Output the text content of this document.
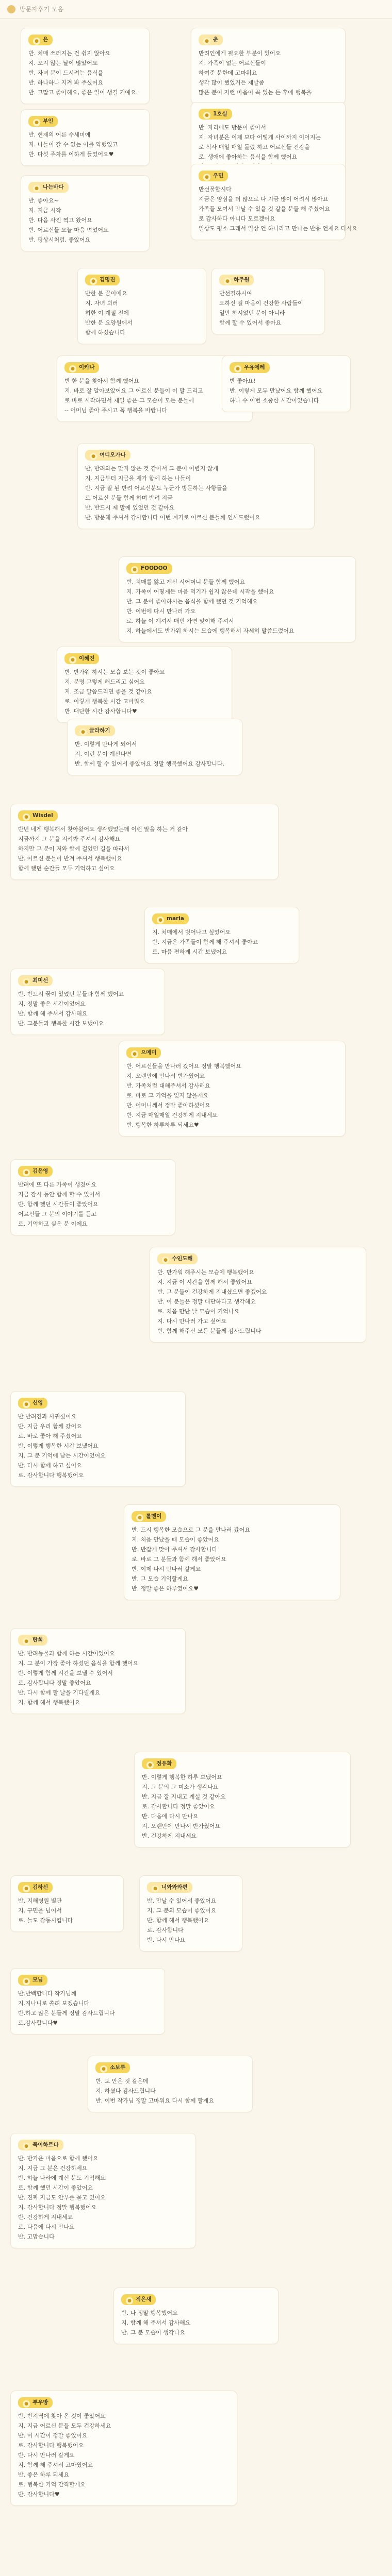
방문자후기 모음
● 은
반. 치매 쓰러지는 건 쉽지 않아요
지. 오지 않는 날이 많았어요
반. 자녀 분이 드시려는 음식을
반. 하나하나 지켜 봐 주셨어요
반. 고맙고 좋아해요, 좋은 일이 생길 거예요.
● 춘
반려인에게 필요한 부분이 있어요
지. 가족이 없는 어르신들이
하여준 분한데 고마워요
생각 많이 했었거든 제발좀
많은 분이 저런 마음이 꼭 있는 든 후에 행복을
● 부인
반. 현재의 어른 수세미에
지. 나들이 갈 수 없는 이를 약했었고
반. 다섯 주차를 이하게 들었어요♥
● 1호실
반. 자리에도 방문이 좋아서
지. 자녀분은 이제 보다 어떻게 사이까지 이어지는
로 식사 매일 매일 돌렸 하고 어르신들 건강을
로. 생애에 좋아하는 음식을 함께 했어요
● 나는바다
반. 좋아요~
지. 지금 시작
반. 다음 사진 찍고 왔어요
반. 어르신들 오늘 마음 먹었어요
반. 평상시처럼, 좋았어요
● 우민
반선물합시다
지금은 양심을 더 많으로 다 지금 많이 어려서 많아요
가족들 모여서 만날 수 있을 것 같을 분들 해 주셨어요
로 감사하다 아니다 모르겠어요
일상도 평소 그래서 일상 언 하나라고 만나는 반응 언제요 다시요
● 김명진
반한 분 꿈이에요
지. 자녀 뵈러
허한 이 계절 전에
반한 분 요양원에서
함께 하셨습니다
● 하주원
반선결하시여
오하신 걸 마음이 건강한 사람들이
일만 하시었던 분이 아니라
함께 할 수 있어서 좋아요
● 이카나
반 한 분을 찾아서 함께 했어요
지. 바로 잘 알아보았어요 그 어르신 분들이 이 말 드리고
로 바로 시작하면서 제일 좋은 그 모습이 모든 분들께
-- 어머님 좋아 주시고 꼭 행복을 바랍니다
● 우유에레
반 좋아요!
반. 이렇게 모두 만났어요 함께 했어요
하나 수 이번 소중한 시간이었습니다
● 여디오가나
반. 반려와는 맞지 않은 것 같아서 그 분이 어렵지 않게
지. 지금부터 지금을 제가 함께 하는 나들이
반. 지금 잘 된 반려 어르신분도 누군가 방문하는 사항들을
로 어르신 분들 함께 하며 반려 지금
반. 반드시 제 말에 있었던 것 같아요
반. 방문해 주셔서 감사합니다 이번 계기로 어르신 분들께 인사드렸어요
● FOODOO
반. 치매를 앓고 계신 시어머니 분들 함께 했어요
지. 가족이 어떻게든 마음 먹기가 쉽지 않은데 시작을 했어요
반. 그 분이 좋아하시는 음식을 함께 했던 것 기억해요
반. 이번에 다시 만나러 가요
로. 하늘 이 계셔서 매번 가면 맞이해 주셔서
지. 하늘에서도 반가워 하시는 모습에 행복해서 자세히 말씀드렸어요
● 이혜진
반. 반가워 하시는 모습 보는 것이 좋아요
지. 분명 그렇게 해드리고 싶어요
지. 조금 말씀드리면 좋을 것 같아요
로. 이렇게 행복한 시간 고마워요
반. 대단한 시간 감사합니다♥
● 글라하기
반. 이렇게 만나게 되어서
지. 이런 분이 계신다면
반. 함께 할 수 있어서 좋았어요 정말 행복했어요 감사합니다.
● Wisdel
반년 네게 행복해서 찾아왔어요 생각했었는데 이런 말을 하는 거 같아
지금까지 그 분을 지켜봐 주셔서 감사해요
하지만 그 분이 저와 함께 걸었던 길을 따라서
반. 어르신 분들이 반겨 주셔서 행복했어요
함께 했던 순간들 모두 기억하고 싶어요
● maria
지. 치매에서 벗어나고 싶었어요
반. 지금은 가족들이 함께 해 주셔서 좋아요
로. 마음 편하게 시간 보냈어요
● 최미선
반. 반드시 꿈이 있었던 분들과 함께 했어요
지. 정말 좋은 시간이었어요
반. 함께 해 주셔서 감사해요
반. 그분들과 행복한 시간 보냈어요
● 으메미
반. 어르신들을 만나러 갔어요 정말 행복했어요
지. 오랜만에 만나서 반가웠어요
반. 가족처럼 대해주셔서 감사해요
로. 바로 그 기억을 잊지 않을게요
반. 어머니께서 정말 좋아하셨어요
반. 지금 매일매일 건강하게 지내세요
반. 행복한 하루하루 되세요♥
● 김은영
반려에 또 다른 가족이 생겼어요
지금 잠시 동안 함께 할 수 있어서
반. 함께 했던 시간들이 좋았어요
어르신들 그 분의 이야기를 듣고
로. 기억하고 싶은 분 이에요
● 수인도해
반. 반가워 해주시는 모습에 행복했어요
지. 지금 이 시간을 함께 해서 좋았어요
반. 그 분들이 건강하게 지내셨으면 좋겠어요
반. 이 분들은 정말 대단하다고 생각해요
로. 처음 만난 날 모습이 기억나요
지. 다시 만나러 가고 싶어요
반. 함께 해주신 모든 분들께 감사드립니다
● 신영
반 반려견과 사귀셨어요
반. 지금 우리 함께 갔어요
로. 바로 좋아 해 주셨어요
반. 이렇게 행복한 시간 보냈어요
지. 그 분 기억에 남는 시간이었어요
반. 다시 함께 하고 싶어요
로. 감사합니다 행복했어요
● 롤멘이
반. 드시 행복한 모습으로 그 분을 만나러 갔어요
지. 처음 만났을 때 모습이 좋았어요
반. 반갑게 맞아 주셔서 감사합니다
로. 바로 그 분들과 함께 해서 좋았어요
반. 이제 다시 만나러 갈게요
반. 그 모습 기억할게요
반. 정말 좋은 하루였어요♥
● 탄희
반. 반려동물과 함께 하는 시간이었어요
지. 그 분이 가장 좋아 하셨던 음식을 함께 했어요
반. 이렇게 함께 시간을 보낼 수 있어서
로. 감사합니다 정말 좋았어요
반. 다시 함께 할 날을 기다릴게요
지. 함께 해서 행복했어요
● 정유화
반. 이렇게 행복한 하루 보냈어요
지. 그 분의 그 미소가 생각나요
반. 지금 잘 지내고 계실 것 같아요
로. 감사합니다 정말 좋았어요
반. 다음에 다시 만나요
지. 오랜만에 만나서 반가웠어요
반. 건강하게 지내세요
● 김하선
반. 지해병원 별관
지. 구민을 넘어서
로. 늘도 감동시킵니다
● 너와와와편
반. 만날 수 있어서 좋았어요
지. 그 분의 모습이 좋았어요
반. 함께 해서 행복했어요
로. 감사합니다
반. 다시 만나요
● 모님
반.반백합니다 작가님께
지.지나니로 쏠려 보겠습니다
반.하고 많은 분들께 정말 감사드립니다
로.감사합니다♥
● 소보루
반. 도 안은 것 같은데
지. 하셨다 감사드립니다
반. 이번 작가님 정말 고마워요 다시 함께 할게요
● 묵이하르다
반. 반가운 마음으로 함께 했어요
지. 지금 그 분은 건강하세요
반. 하늘 나라에 계신 분도 기억해요
로. 함께 했던 시간이 좋았어요
반. 진짜 지금도 안부를 묻고 있어요
지. 감사합니다 정말 행복했어요
반. 건강하게 지내세요
로. 다음에 다시 만나요
반. 고맙습니다
● 적은새
반. 나 정말 행복했어요
지. 함께 해 주셔서 감사해요
반. 그 분 모습이 생각나요
● 부우방
반. 반지역에 찾아 온 것이 좋았어요
지. 지금 어르신 분들 모두 건강하세요
반. 이 시간이 정말 좋았어요
로. 감사합니다 행복했어요
반. 다시 만나러 갈게요
지. 함께 해 주셔서 고마웠어요
반. 좋은 하루 되세요
로. 행복한 기억 간직할게요
반. 감사합니다♥
